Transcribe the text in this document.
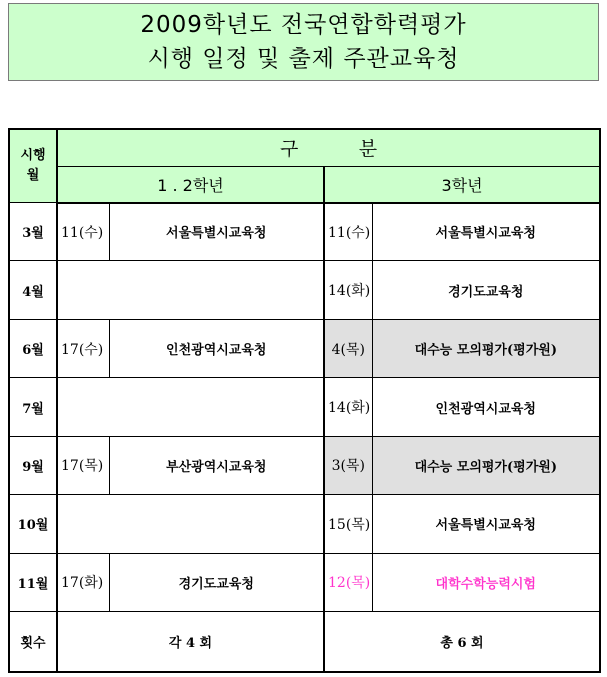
2009학년도 전국연합학력평가
시행 일정 및 출제 주관교육청
시행
월	구          분			
	1 . 2학년		3학년	
3월	11(수)	서울특별시교육청	11(수)	서울특별시교육청
4월			14(화)	경기도교육청
6월	17(수)	인천광역시교육청	4(목)	대수능 모의평가(평가원)
7월			14(화)	인천광역시교육청
9월	17(목)	부산광역시교육청	3(목)	대수능 모의평가(평가원)
10월			15(목)	서울특별시교육청
11월	17(화)	경기도교육청	12(목)	대학수학능력시험
횟수	각 4 회		총 6 회	
